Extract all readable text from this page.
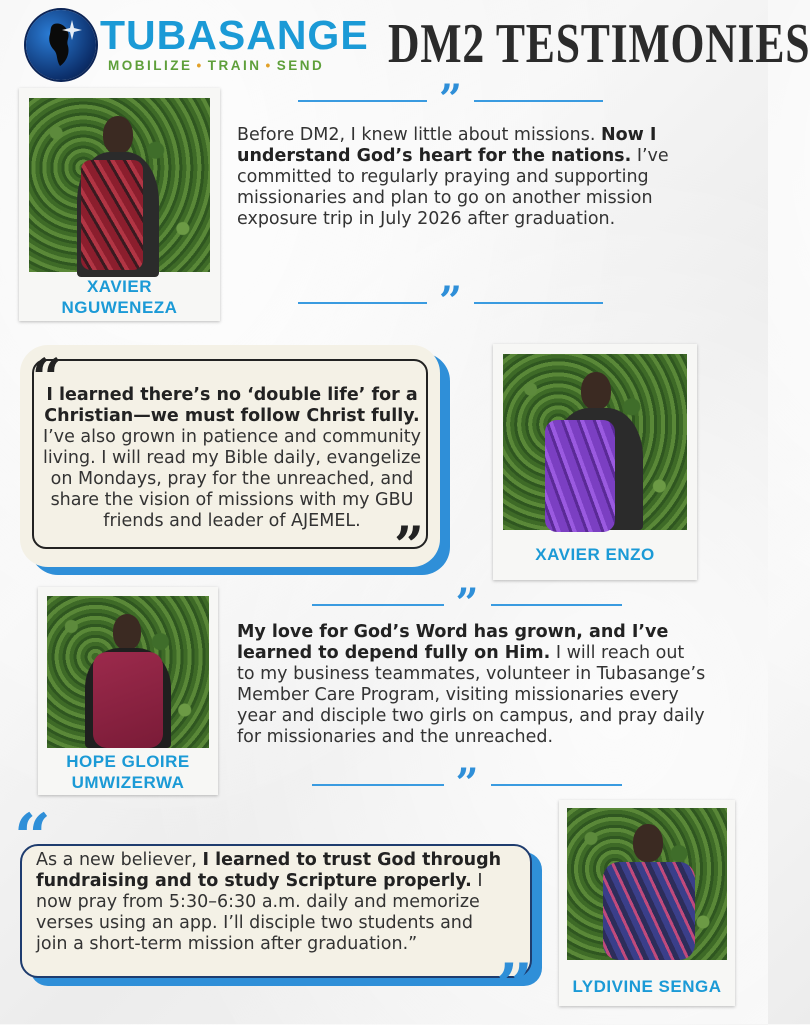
TUBASANGE
MOBILIZE • TRAIN • SEND DM2 TESTIMONIES
XAVIER NGUWENEZA
”
Before DM2, I knew little about missions. Now I understand God’s heart for the nations. I’ve committed to regularly praying and supporting missionaries and plan to go on another mission exposure trip in July 2026 after graduation.
”
“
”
I learned there’s no ‘double life’ for a Christian—we must follow Christ fully. I’ve also grown in patience and community living. I will read my Bible daily, evangelize on Mondays, pray for the unreached, and share the vision of missions with my GBU friends and leader of AJEMEL.
XAVIER ENZO
HOPE GLOIRE UMWIZERWA
”
My love for God’s Word has grown, and I’ve learned to depend fully on Him. I will reach out to my business teammates, volunteer in Tubasange’s Member Care Program, visiting missionaries every year and disciple two girls on campus, and pray daily for missionaries and the unreached.
”
As a new believer, I learned to trust God through fundraising and to study Scripture properly. I now pray from 5:30–6:30 a.m. daily and memorize verses using an app. I’ll disciple two students and join a short-term mission after graduation.”
“
”	LYDIVINE SENGA
